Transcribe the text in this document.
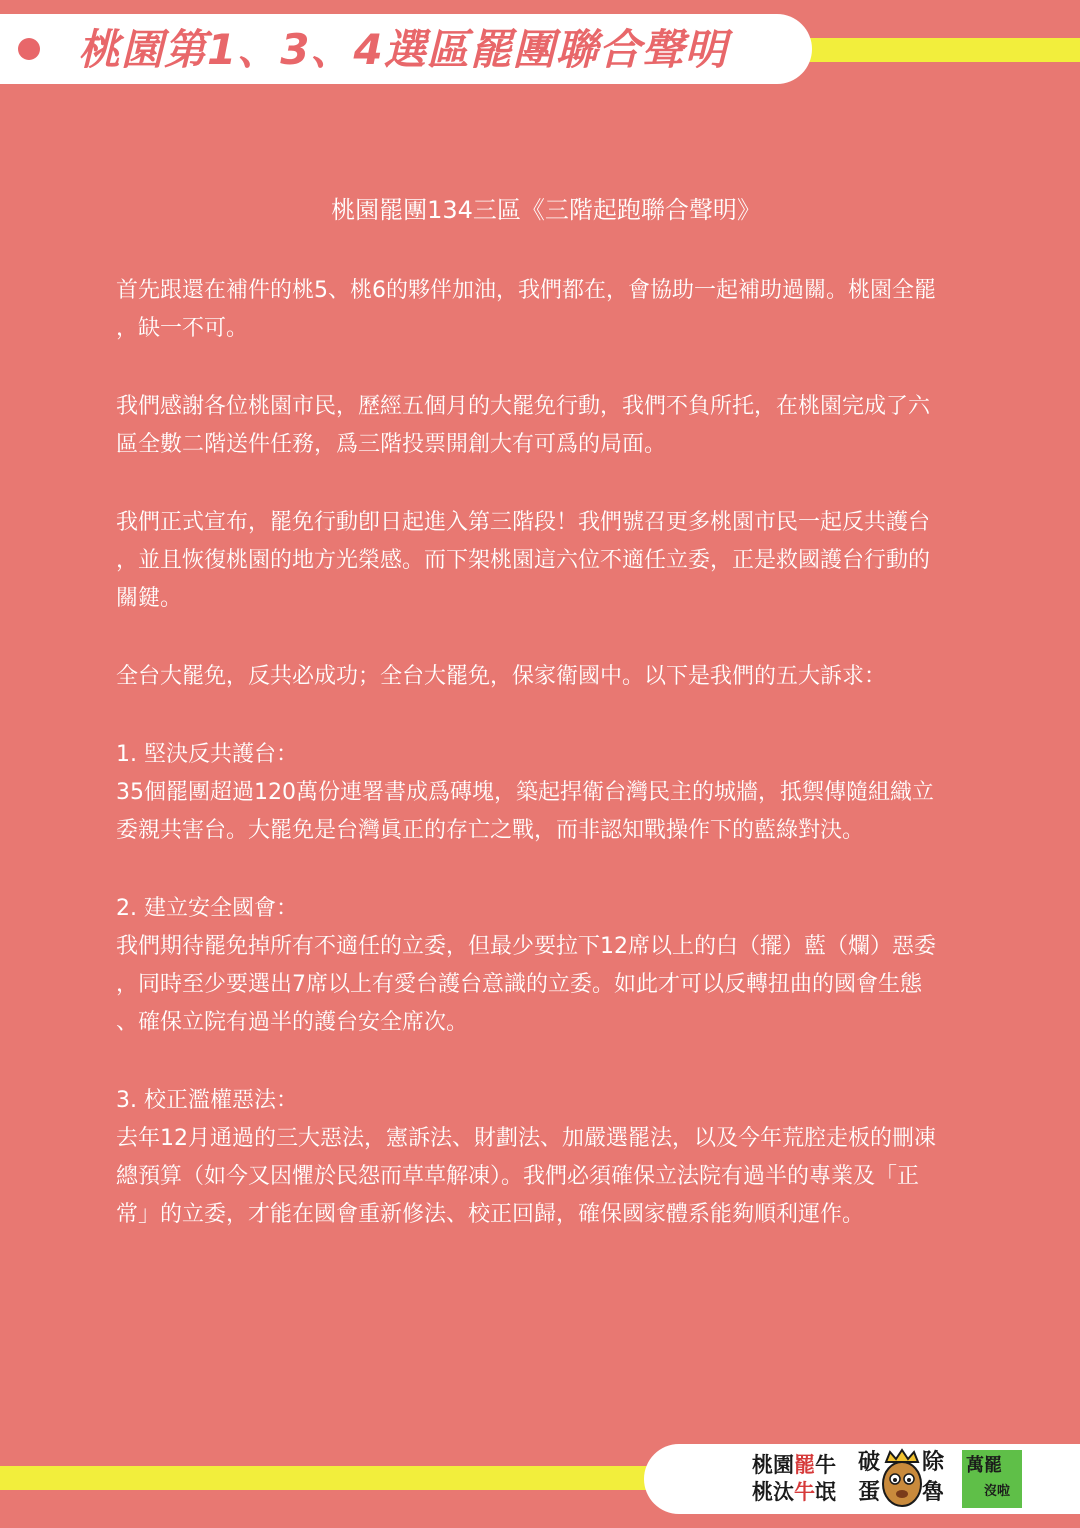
桃園第1、3、4選區罷團聯合聲明
桃園罷團134三區《三階起跑聯合聲明》

首先跟還在補件的桃5、桃6的夥伴加油，我們都在，會協助一起補助過關。桃園全罷

，缺一不可。

我們感謝各位桃園市民，歷經五個月的大罷免行動，我們不負所托，在桃園完成了六

區全數二階送件任務，爲三階投票開創大有可爲的局面。

我們正式宣布，罷免行動卽日起進入第三階段！我們號召更多桃園市民一起反共護台

，並且恢復桃園的地方光榮感。而下架桃園這六位不適任立委，正是救國護台行動的

關鍵。

全台大罷免，反共必成功；全台大罷免，保家衛國中。以下是我們的五大訴求：

1. 堅決反共護台：

35個罷團超過120萬份連署書成爲磚塊，築起捍衛台灣民主的城牆，抵禦傳隨組織立

委親共害台。大罷免是台灣眞正的存亡之戰，而非認知戰操作下的藍綠對決。

2. 建立安全國會：

我們期待罷免掉所有不適任的立委，但最少要拉下12席以上的白（擺）藍（爛）惡委

，同時至少要選出7席以上有愛台護台意識的立委。如此才可以反轉扭曲的國會生態

、確保立院有過半的護台安全席次。

3. 校正濫權惡法：

去年12月通過的三大惡法，憲訴法、財劃法、加嚴選罷法，以及今年荒腔走板的刪凍

總預算（如今又因懼於民怨而草草解凍）。我們必須確保立法院有過半的專業及「正

常」的立委，才能在國會重新修法、校正回歸，確保國家體系能夠順利運作。

桃園罷牛
桃汰牛氓
破 除
蛋 魯
萬罷
沒啦
